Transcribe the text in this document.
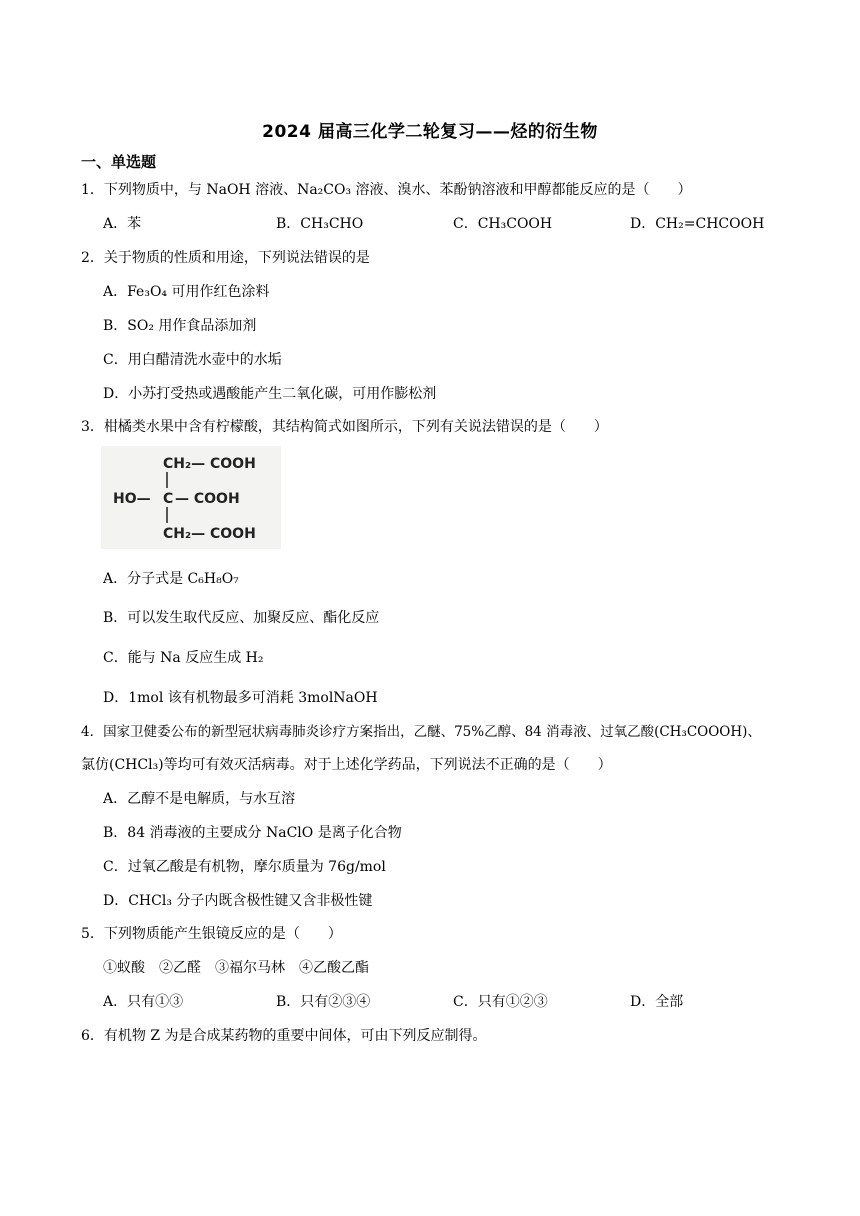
2024 届高三化学二轮复习——烃的衍生物
一、单选题
1．下列物质中，与 NaOH 溶液、Na₂CO₃ 溶液、溴水、苯酚钠溶液和甲醇都能反应的是（　　）
A．苯	B．CH₃CHO	C．CH₃COOH	D．CH₂=CHCOOH
2．关于物质的性质和用途，下列说法错误的是
A．Fe₃O₄ 可用作红色涂料
B．SO₂ 用作食品添加剂
C．用白醋清洗水壶中的水垢
D．小苏打受热或遇酸能产生二氧化碳，可用作膨松剂
3．柑橘类水果中含有柠檬酸，其结构简式如图所示，下列有关说法错误的是（　　）
CH₂— COOH
HO— C — COOH
CH₂— COOH
A．分子式是 C₆H₈O₇
B．可以发生取代反应、加聚反应、酯化反应
C．能与 Na 反应生成 H₂
D．1mol 该有机物最多可消耗 3molNaOH
4．国家卫健委公布的新型冠状病毒肺炎诊疗方案指出，乙醚、75%乙醇、84 消毒液、过氧乙酸(CH₃COOOH)、
氯仿(CHCl₃)等均可有效灭活病毒。对于上述化学药品，下列说法不正确的是（　　）
A．乙醇不是电解质，与水互溶
B．84 消毒液的主要成分 NaClO 是离子化合物
C．过氧乙酸是有机物，摩尔质量为 76g/mol
D．CHCl₃ 分子内既含极性键又含非极性键
5．下列物质能产生银镜反应的是（　　）
①蚁酸　②乙醛　③福尔马林　④乙酸乙酯
A．只有①③	B．只有②③④	C．只有①②③	D．全部
6．有机物 Z 为是合成某药物的重要中间体，可由下列反应制得。
